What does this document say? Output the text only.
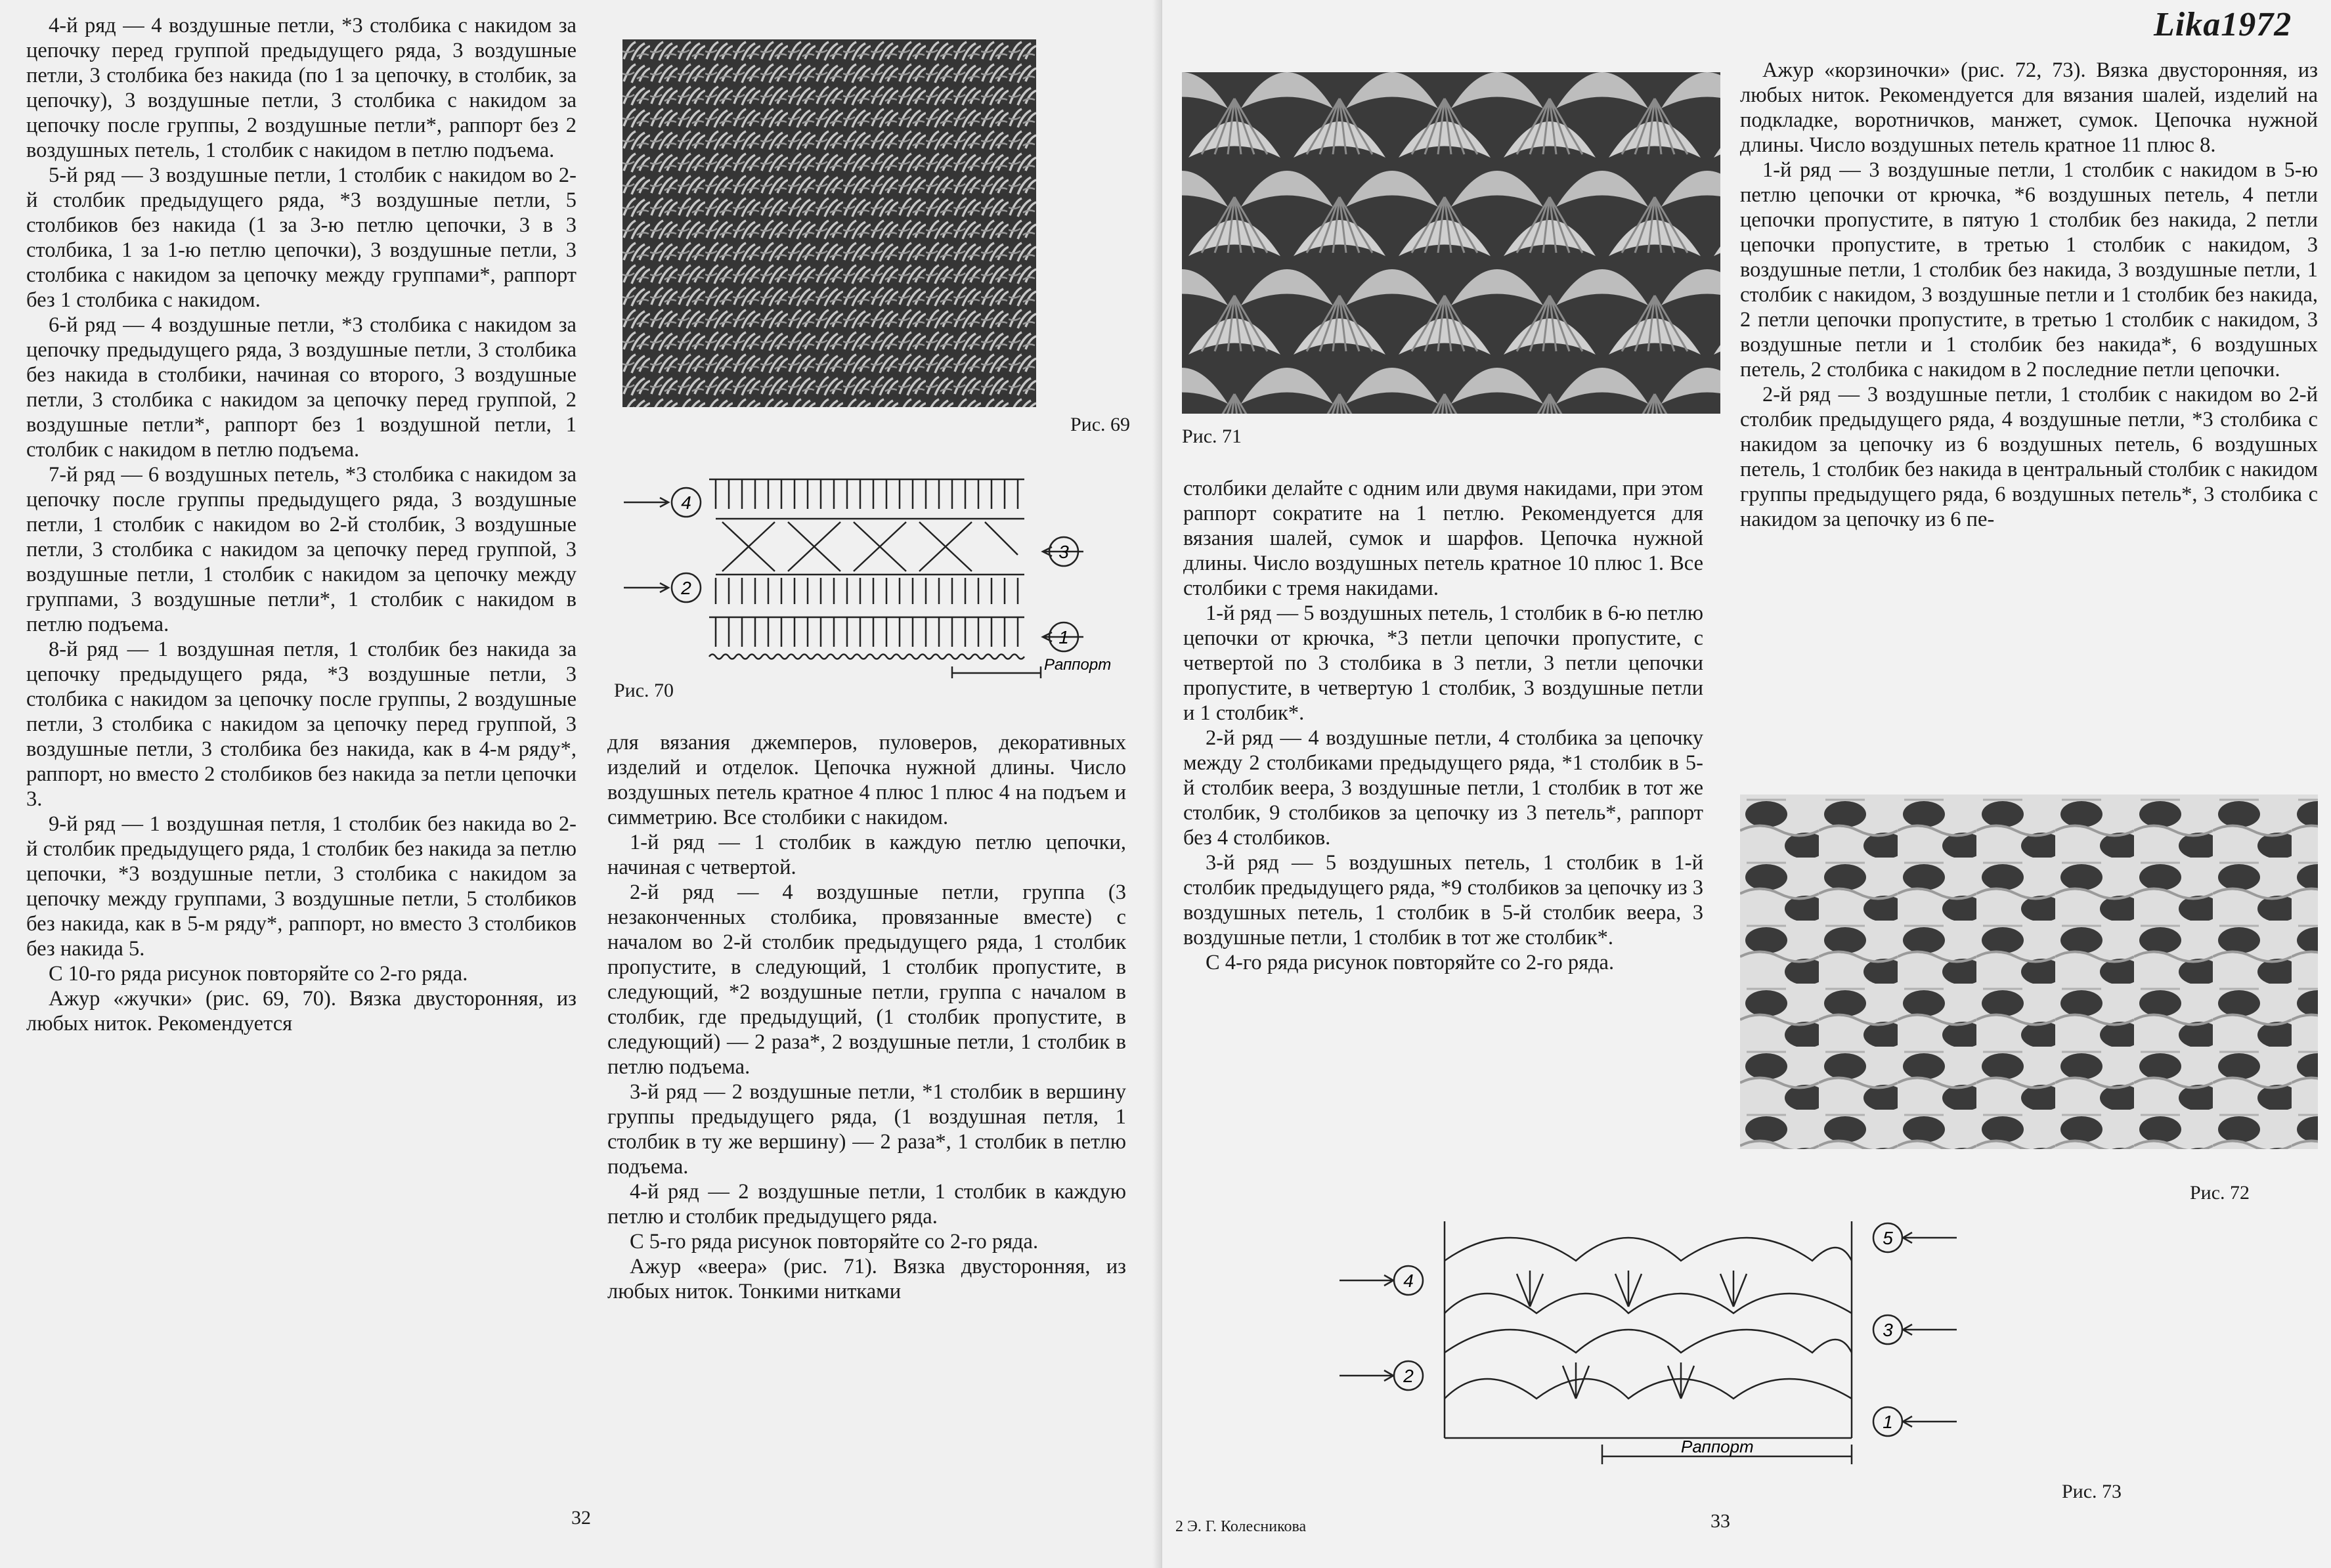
4-й ряд — 4 воздушные петли, *3 столбика с накидом за цепочку перед группой предыдущего ряда, 3 воздушные петли, 3 столбика без накида (по 1 за цепочку, в столбик, за цепочку), 3 воздушные петли, 3 столбика с накидом за цепочку после группы, 2 воздушные петли*, раппорт без 2 воздушных петель, 1 столбик с накидом в петлю подъема.

5-й ряд — 3 воздушные петли, 1 столбик с накидом во 2-й столбик предыдущего ряда, *3 воздушные петли, 5 столбиков без накида (1 за 3-ю петлю цепочки, 3 в 3 столбика, 1 за 1-ю петлю цепочки), 3 воздушные петли, 3 столбика с накидом за цепочку между группами*, раппорт без 1 столбика с накидом.

6-й ряд — 4 воздушные петли, *3 столбика с накидом за цепочку предыдущего ряда, 3 воздушные петли, 3 столбика без накида в столбики, начиная со второго, 3 воздушные петли, 3 столбика с накидом за цепочку перед группой, 2 воздушные петли*, раппорт без 1 воздушной петли, 1 столбик с накидом в петлю подъема.

7-й ряд — 6 воздушных петель, *3 столбика с накидом за цепочку после группы предыдущего ряда, 3 воздушные петли, 1 столбик с накидом во 2-й столбик, 3 воздушные петли, 3 столбика с накидом за цепочку перед группой, 3 воздушные петли, 1 столбик с накидом за цепочку между группами, 3 воздушные петли*, 1 столбик с накидом в петлю подъема.

8-й ряд — 1 воздушная петля, 1 столбик без накида за цепочку предыдущего ряда, *3 воздушные петли, 3 столбика с накидом за цепочку после группы, 2 воздушные петли, 3 столбика с накидом за цепочку перед группой, 3 воздушные петли, 3 столбика без накида, как в 4-м ряду*, раппорт, но вместо 2 столбиков без накида за петли цепочки 3.

9-й ряд — 1 воздушная петля, 1 столбик без накида во 2-й столбик предыдущего ряда, 1 столбик без накида за петлю цепочки, *3 воздушные петли, 3 столбика с накидом за цепочку между группами, 3 воздушные петли, 5 столбиков без накида, как в 5-м ряду*, раппорт, но вместо 3 столбиков без накида 5.

С 10-го ряда рисунок повторяйте со 2-го ряда.

Ажур «жучки» (рис. 69, 70). Вязка двусторонняя, из любых ниток. Рекомендуется

Рис. 69
4
3
2
1
Раппорт
Рис. 70

для вязания джемперов, пуловеров, декоративных изделий и отделок. Цепочка нужной длины. Число воздушных петель кратное 4 плюс 1 плюс 4 на подъем и симметрию. Все столбики с накидом.

1-й ряд — 1 столбик в каждую петлю цепочки, начиная с четвертой.

2-й ряд — 4 воздушные петли, группа (3 незаконченных столбика, провязанные вместе) с началом во 2-й столбик предыдущего ряда, 1 столбик пропустите, в следующий, 1 столбик пропустите, в следующий, *2 воздушные петли, группа с началом в столбик, где предыдущий, (1 столбик пропустите, в следующий) — 2 раза*, 2 воздушные петли, 1 столбик в петлю подъема.

3-й ряд — 2 воздушные петли, *1 столбик в вершину группы предыдущего ряда, (1 воздушная петля, 1 столбик в ту же вершину) — 2 раза*, 1 столбик в петлю подъема.

4-й ряд — 2 воздушные петли, 1 столбик в каждую петлю и столбик предыдущего ряда.

С 5-го ряда рисунок повторяйте со 2-го ряда.

Ажур «веера» (рис. 71). Вязка двусторонняя, из любых ниток. Тонкими нитками

32
Lika1972
Рис. 71

столбики делайте с одним или двумя накидами, при этом раппорт сократите на 1 петлю. Рекомендуется для вязания шалей, сумок и шарфов. Цепочка нужной длины. Число воздушных петель кратное 10 плюс 1. Все столбики с тремя накидами.

1-й ряд — 5 воздушных петель, 1 столбик в 6-ю петлю цепочки от крючка, *3 петли цепочки пропустите, с четвертой по 3 столбика в 3 петли, 3 петли цепочки пропустите, в четвертую 1 столбик, 3 воздушные петли и 1 столбик*.

2-й ряд — 4 воздушные петли, 4 столбика за цепочку между 2 столбиками предыдущего ряда, *1 столбик в 5-й столбик веера, 3 воздушные петли, 1 столбик в тот же столбик, 9 столбиков за цепочку из 3 петель*, раппорт без 4 столбиков.

3-й ряд — 5 воздушных петель, 1 столбик в 1-й столбик предыдущего ряда, *9 столбиков за цепочку из 3 воздушных петель, 1 столбик в 5-й столбик веера, 3 воздушные петли, 1 столбик в тот же столбик*.

С 4-го ряда рисунок повторяйте со 2-го ряда.

Ажур «корзиночки» (рис. 72, 73). Вязка двусторонняя, из любых ниток. Рекомендуется для вязания шалей, изделий на подкладке, воротничков, манжет, сумок. Цепочка нужной длины. Число воздушных петель кратное 11 плюс 8.

1-й ряд — 3 воздушные петли, 1 столбик с накидом в 5-ю петлю цепочки от крючка, *6 воздушных петель, 4 петли цепочки пропустите, в пятую 1 столбик без накида, 2 петли цепочки пропустите, в третью 1 столбик с накидом, 3 воздушные петли, 1 столбик без накида, 3 воздушные петли, 1 столбик с накидом, 3 воздушные петли и 1 столбик без накида, 2 петли цепочки пропустите, в третью 1 столбик с накидом, 3 воздушные петли и 1 столбик без накида*, 6 воздушных петель, 2 столбика с накидом в 2 последние петли цепочки.

2-й ряд — 3 воздушные петли, 1 столбик с накидом во 2-й столбик предыдущего ряда, 4 воздушные петли, *3 столбика с накидом за цепочку из 6 воздушных петель, 6 воздушных петель, 1 столбик без накида в центральный столбик с накидом группы предыдущего ряда, 6 воздушных петель*, 3 столбика с накидом за цепочку из 6 пе-

Рис. 72
5
4
3
2
1
Раппорт
Рис. 73
2 Э. Г. Колесникова	33
